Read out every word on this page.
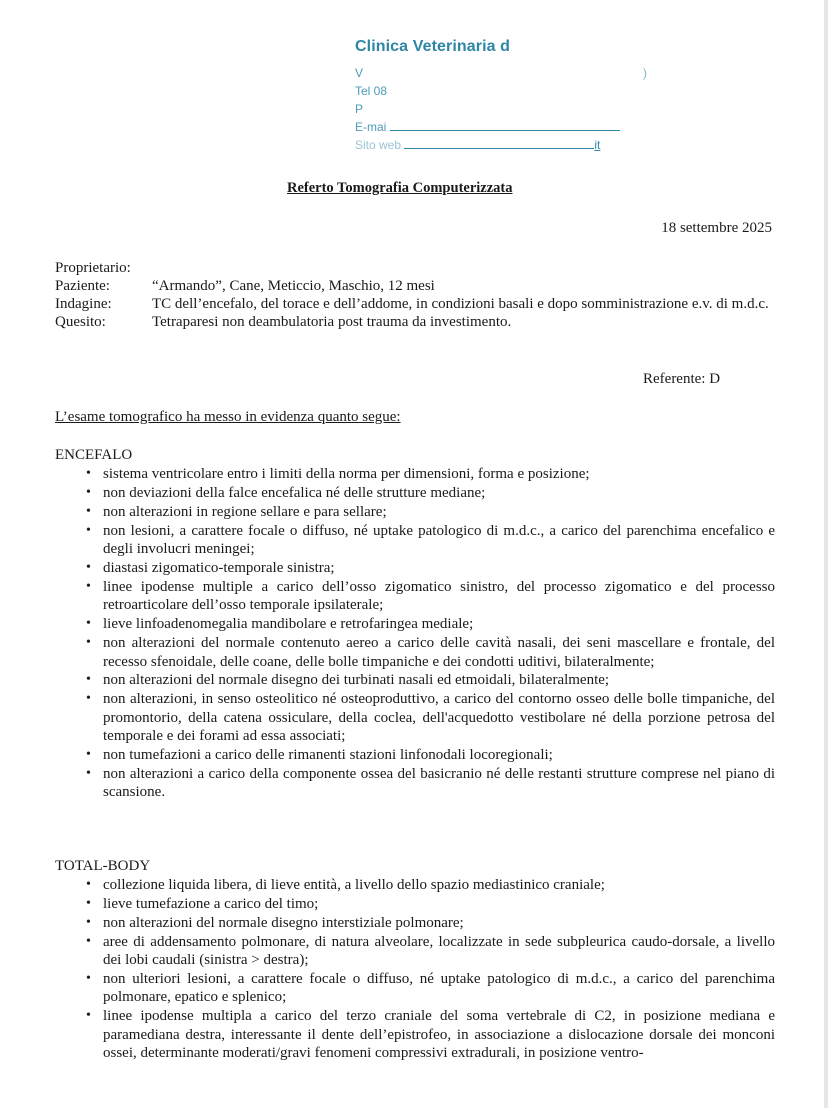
Clinica Veterinaria d
V	)
Tel 08
P
E-mai
Sito web	it
Referto Tomografia Computerizzata
18 settembre 2025
Proprietario:
Paziente:	“Armando”, Cane, Meticcio, Maschio, 12 mesi
Indagine:	TC dell’encefalo, del torace e dell’addome, in condizioni basali e dopo somministrazione e.v. di m.d.c.
Quesito:	Tetraparesi non deambulatoria post trauma da investimento.
Referente: D
L’esame tomografico ha messo in evidenza quanto segue:
ENCEFALO
• sistema ventricolare entro i limiti della norma per dimensioni, forma e posizione;
• non deviazioni della falce encefalica né delle strutture mediane;
• non alterazioni in regione sellare e para sellare;
• non lesioni, a carattere focale o diffuso, né uptake patologico di m.d.c., a carico del parenchima encefalico e degli involucri meningei;
• diastasi zigomatico-temporale sinistra;
• linee ipodense multiple a carico dell’osso zigomatico sinistro, del processo zigomatico e del processo retroarticolare dell’osso temporale ipsilaterale;
• lieve linfoadenomegalia mandibolare e retrofaringea mediale;
• non alterazioni del normale contenuto aereo a carico delle cavità nasali, dei seni mascellare e frontale, del recesso sfenoidale, delle coane, delle bolle timpaniche e dei condotti uditivi, bilateralmente;
• non alterazioni del normale disegno dei turbinati nasali ed etmoidali, bilateralmente;
• non alterazioni, in senso osteolitico né osteoproduttivo, a carico del contorno osseo delle bolle timpaniche, del promontorio, della catena ossiculare, della coclea, dell'acquedotto vestibolare né della porzione petrosa del temporale e dei forami ad essa associati;
• non tumefazioni a carico delle rimanenti stazioni linfonodali locoregionali;
• non alterazioni a carico della componente ossea del basicranio né delle restanti strutture comprese nel piano di scansione.
TOTAL-BODY
• collezione liquida libera, di lieve entità, a livello dello spazio mediastinico craniale;
• lieve tumefazione a carico del timo;
• non alterazioni del normale disegno interstiziale polmonare;
• aree di addensamento polmonare, di natura alveolare, localizzate in sede subpleurica caudo-dorsale, a livello dei lobi caudali (sinistra > destra);
• non ulteriori lesioni, a carattere focale o diffuso, né uptake patologico di m.d.c., a carico del parenchima polmonare, epatico e splenico;
• linee ipodense multipla a carico del terzo craniale del soma vertebrale di C2, in posizione mediana e paramediana destra, interessante il dente dell’epistrofeo, in associazione a dislocazione dorsale dei monconi ossei, determinante moderati/gravi fenomeni compressivi extradurali, in posizione ventro-
